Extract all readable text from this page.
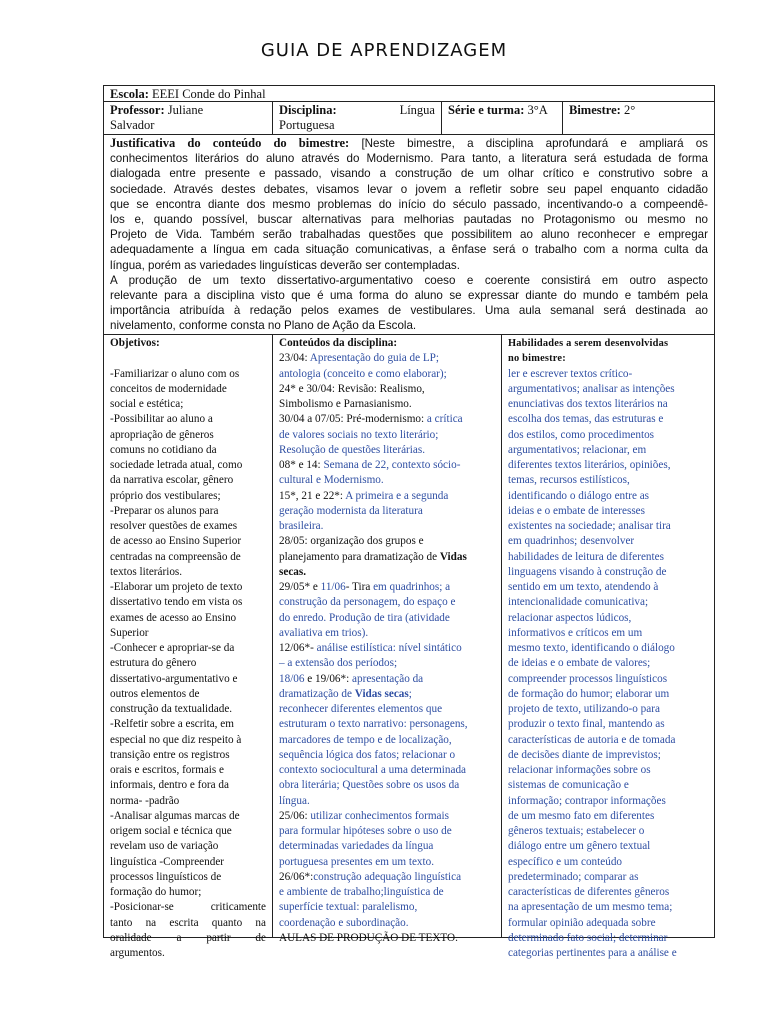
GUIA DE APRENDIZAGEM
Escola: EEEI Conde do Pinhal
Professor: Juliane
Salvador
Disciplina:	Língua
Portuguesa
Série e turma: 3°A	Bimestre: 2°
Justificativa do conteúdo do bimestre: [Neste bimestre, a disciplina aprofundará e ampliará os
conhecimentos literários do aluno através do Modernismo. Para tanto, a literatura será estudada de forma
dialogada entre presente e passado, visando a construção de um olhar crítico e construtivo sobre a
sociedade. Através destes debates, visamos levar o jovem a refletir sobre seu papel enquanto cidadão
que se encontra diante dos mesmo problemas do início do século passado, incentivando-o a compeendê-
los e, quando possível, buscar alternativas para melhorias pautadas no Protagonismo ou mesmo no
Projeto de Vida. Também serão trabalhadas questões que possibilitem ao aluno reconhecer e empregar
adequadamente a língua em cada situação comunicativas, a ênfase será o trabalho com a norma culta da
língua, porém as variedades linguísticas deverão ser contempladas.
A produção de um texto dissertativo-argumentativo coeso e coerente consistirá em outro aspecto
relevante para a disciplina visto que é uma forma do aluno se expressar diante do mundo e também pela
importância atribuída à redação pelos exames de vestibulares. Uma aula semanal será destinada ao
nivelamento, conforme consta no Plano de Ação da Escola.
Objetivos:

-Familiarizar o aluno com os
conceitos de modernidade
social e estética;
-Possibilitar ao aluno a
apropriação de gêneros
comuns no cotidiano da
sociedade letrada atual, como
da narrativa escolar, gênero
próprio dos vestibulares;
-Preparar os alunos para
resolver questões de exames
de acesso ao Ensino Superior
centradas na compreensão de
textos literários.
-Elaborar um projeto de texto
dissertativo tendo em vista os
exames de acesso ao Ensino
Superior
-Conhecer e apropriar-se da
estrutura do gênero
dissertativo-argumentativo e
outros elementos de
construção da textualidade.
-Relfetir sobre a escrita, em
especial no que diz respeito à
transição entre os registros
orais e escritos, formais e
informais, dentro e fora da
norma- -padrão
-Analisar algumas marcas de
origem social e técnica que
revelam uso de variação
linguística -Compreender
processos linguísticos de
formação do humor;
-Posicionar-se criticamente
tanto na escrita quanto na
oralidade a partir de
argumentos.
Conteúdos da disciplina:
23/04: Apresentação do guia de LP;
antologia (conceito e como elaborar);
24* e 30/04: Revisão: Realismo,
Simbolismo e Parnasianismo.
30/04 a 07/05: Pré-modernismo: a crítica
de valores sociais no texto literário;
Resolução de questões literárias.
08* e 14: Semana de 22, contexto sócio-
cultural e Modernismo.
15*, 21 e 22*: A primeira e a segunda
geração modernista da literatura
brasileira.
28/05: organização dos grupos e
planejamento para dramatização de Vidas
secas.
29/05* e 11/06- Tira em quadrinhos; a
construção da personagem, do espaço e
do enredo. Produção de tira (atividade
avaliativa em trios).
12/06*- análise estilística: nível sintático
– a extensão dos períodos;
18/06 e 19/06*: apresentação da
dramatização de Vidas secas;
reconhecer diferentes elementos que
estruturam o texto narrativo: personagens,
marcadores de tempo e de localização,
sequência lógica dos fatos; relacionar o
contexto sociocultural a uma determinada
obra literária; Questões sobre os usos da
língua.
25/06: utilizar conhecimentos formais
para formular hipóteses sobre o uso de
determinadas variedades da língua
portuguesa presentes em um texto.
26/06*:construção adequação linguística
e ambiente de trabalho;linguística de
superfície textual: paralelismo,
coordenação e subordinação.
AULAS DE PRODUÇÃO DE TEXTO.
Habilidades a serem desenvolvidas
no bimestre:
ler e escrever textos crítico-
argumentativos; analisar as intenções
enunciativas dos textos literários na
escolha dos temas, das estruturas e
dos estilos, como procedimentos
argumentativos; relacionar, em
diferentes textos literários, opiniões,
temas, recursos estilísticos,
identificando o diálogo entre as
ideias e o embate de interesses
existentes na sociedade; analisar tira
em quadrinhos; desenvolver
habilidades de leitura de diferentes
linguagens visando à construção de
sentido em um texto, atendendo à
intencionalidade comunicativa;
relacionar aspectos lúdicos,
informativos e críticos em um
mesmo texto, identificando o diálogo
de ideias e o embate de valores;
compreender processos linguísticos
de formação do humor; elaborar um
projeto de texto, utilizando-o para
produzir o texto final, mantendo as
características de autoria e de tomada
de decisões diante de imprevistos;
relacionar informações sobre os
sistemas de comunicação e
informação; contrapor informações
de um mesmo fato em diferentes
gêneros textuais; estabelecer o
diálogo entre um gênero textual
específico e um conteúdo
predeterminado; comparar as
características de diferentes gêneros
na apresentação de um mesmo tema;
formular opinião adequada sobre
determinado fato social; determinar
categorias pertinentes para a análise e
